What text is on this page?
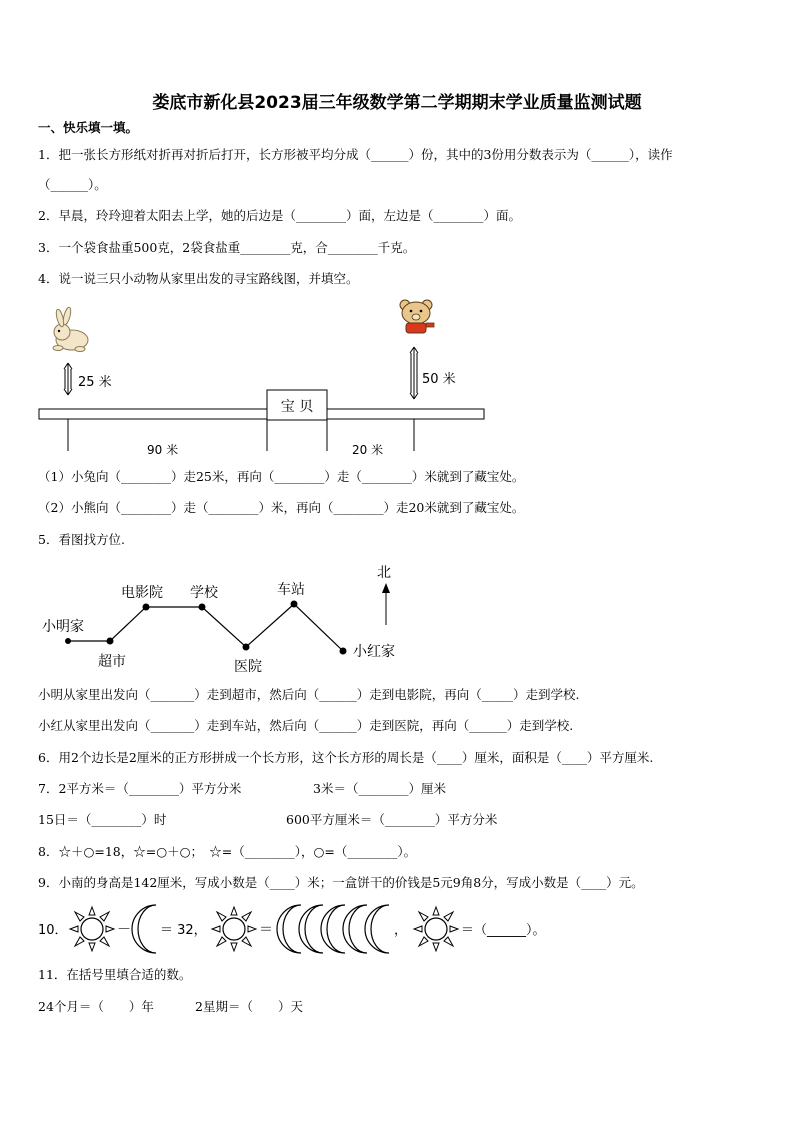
娄底市新化县2023届三年级数学第二学期期末学业质量监测试题
一、快乐填一填。
1．把一张长方形纸对折再对折后打开，长方形被平均分成（______）份，其中的3份用分数表示为（______），读作
（______）。
2．早晨，玲玲迎着太阳去上学，她的后边是（________）面，左边是（________）面。
3．一个袋食盐重500克，2袋食盐重________克，合________千克。
4．说一说三只小动物从家里出发的寻宝路线图，并填空。
25 米	50 米
宝 贝
90 米	20 米
（1）小兔向（________）走25米，再向（________）走（________）米就到了藏宝处。
（2）小熊向（________）走（________）米，再向（________）走20米就到了藏宝处。
5．看图找方位.
小明家
超市
电影院 学校
医院
车站
小红家
北
小明从家里出发向（_______）走到超市，然后向（______）走到电影院，再向（_____）走到学校.
小红从家里出发向（_______）走到车站，然后向（______）走到医院，再向（______）走到学校.
6．用2个边长是2厘米的正方形拼成一个长方形，这个长方形的周长是（____）厘米，面积是（____）平方厘米.
7．2平方米＝（________）平方分米	3米＝（________）厘米
15日＝（________）时	600平方厘米＝（________）平方分米
8．☆＋○=18，☆=○＋○；　☆=（________），○=（________）。
9．小南的身高是142厘米，写成小数是（____）米；一盒饼干的价钱是5元9角8分，写成小数是（____）元。
10．	－ ＝ 32，	＝	，	＝（______）。
11．在括号里填合适的数。
24个月＝（　　）年	2星期＝（　　）天
